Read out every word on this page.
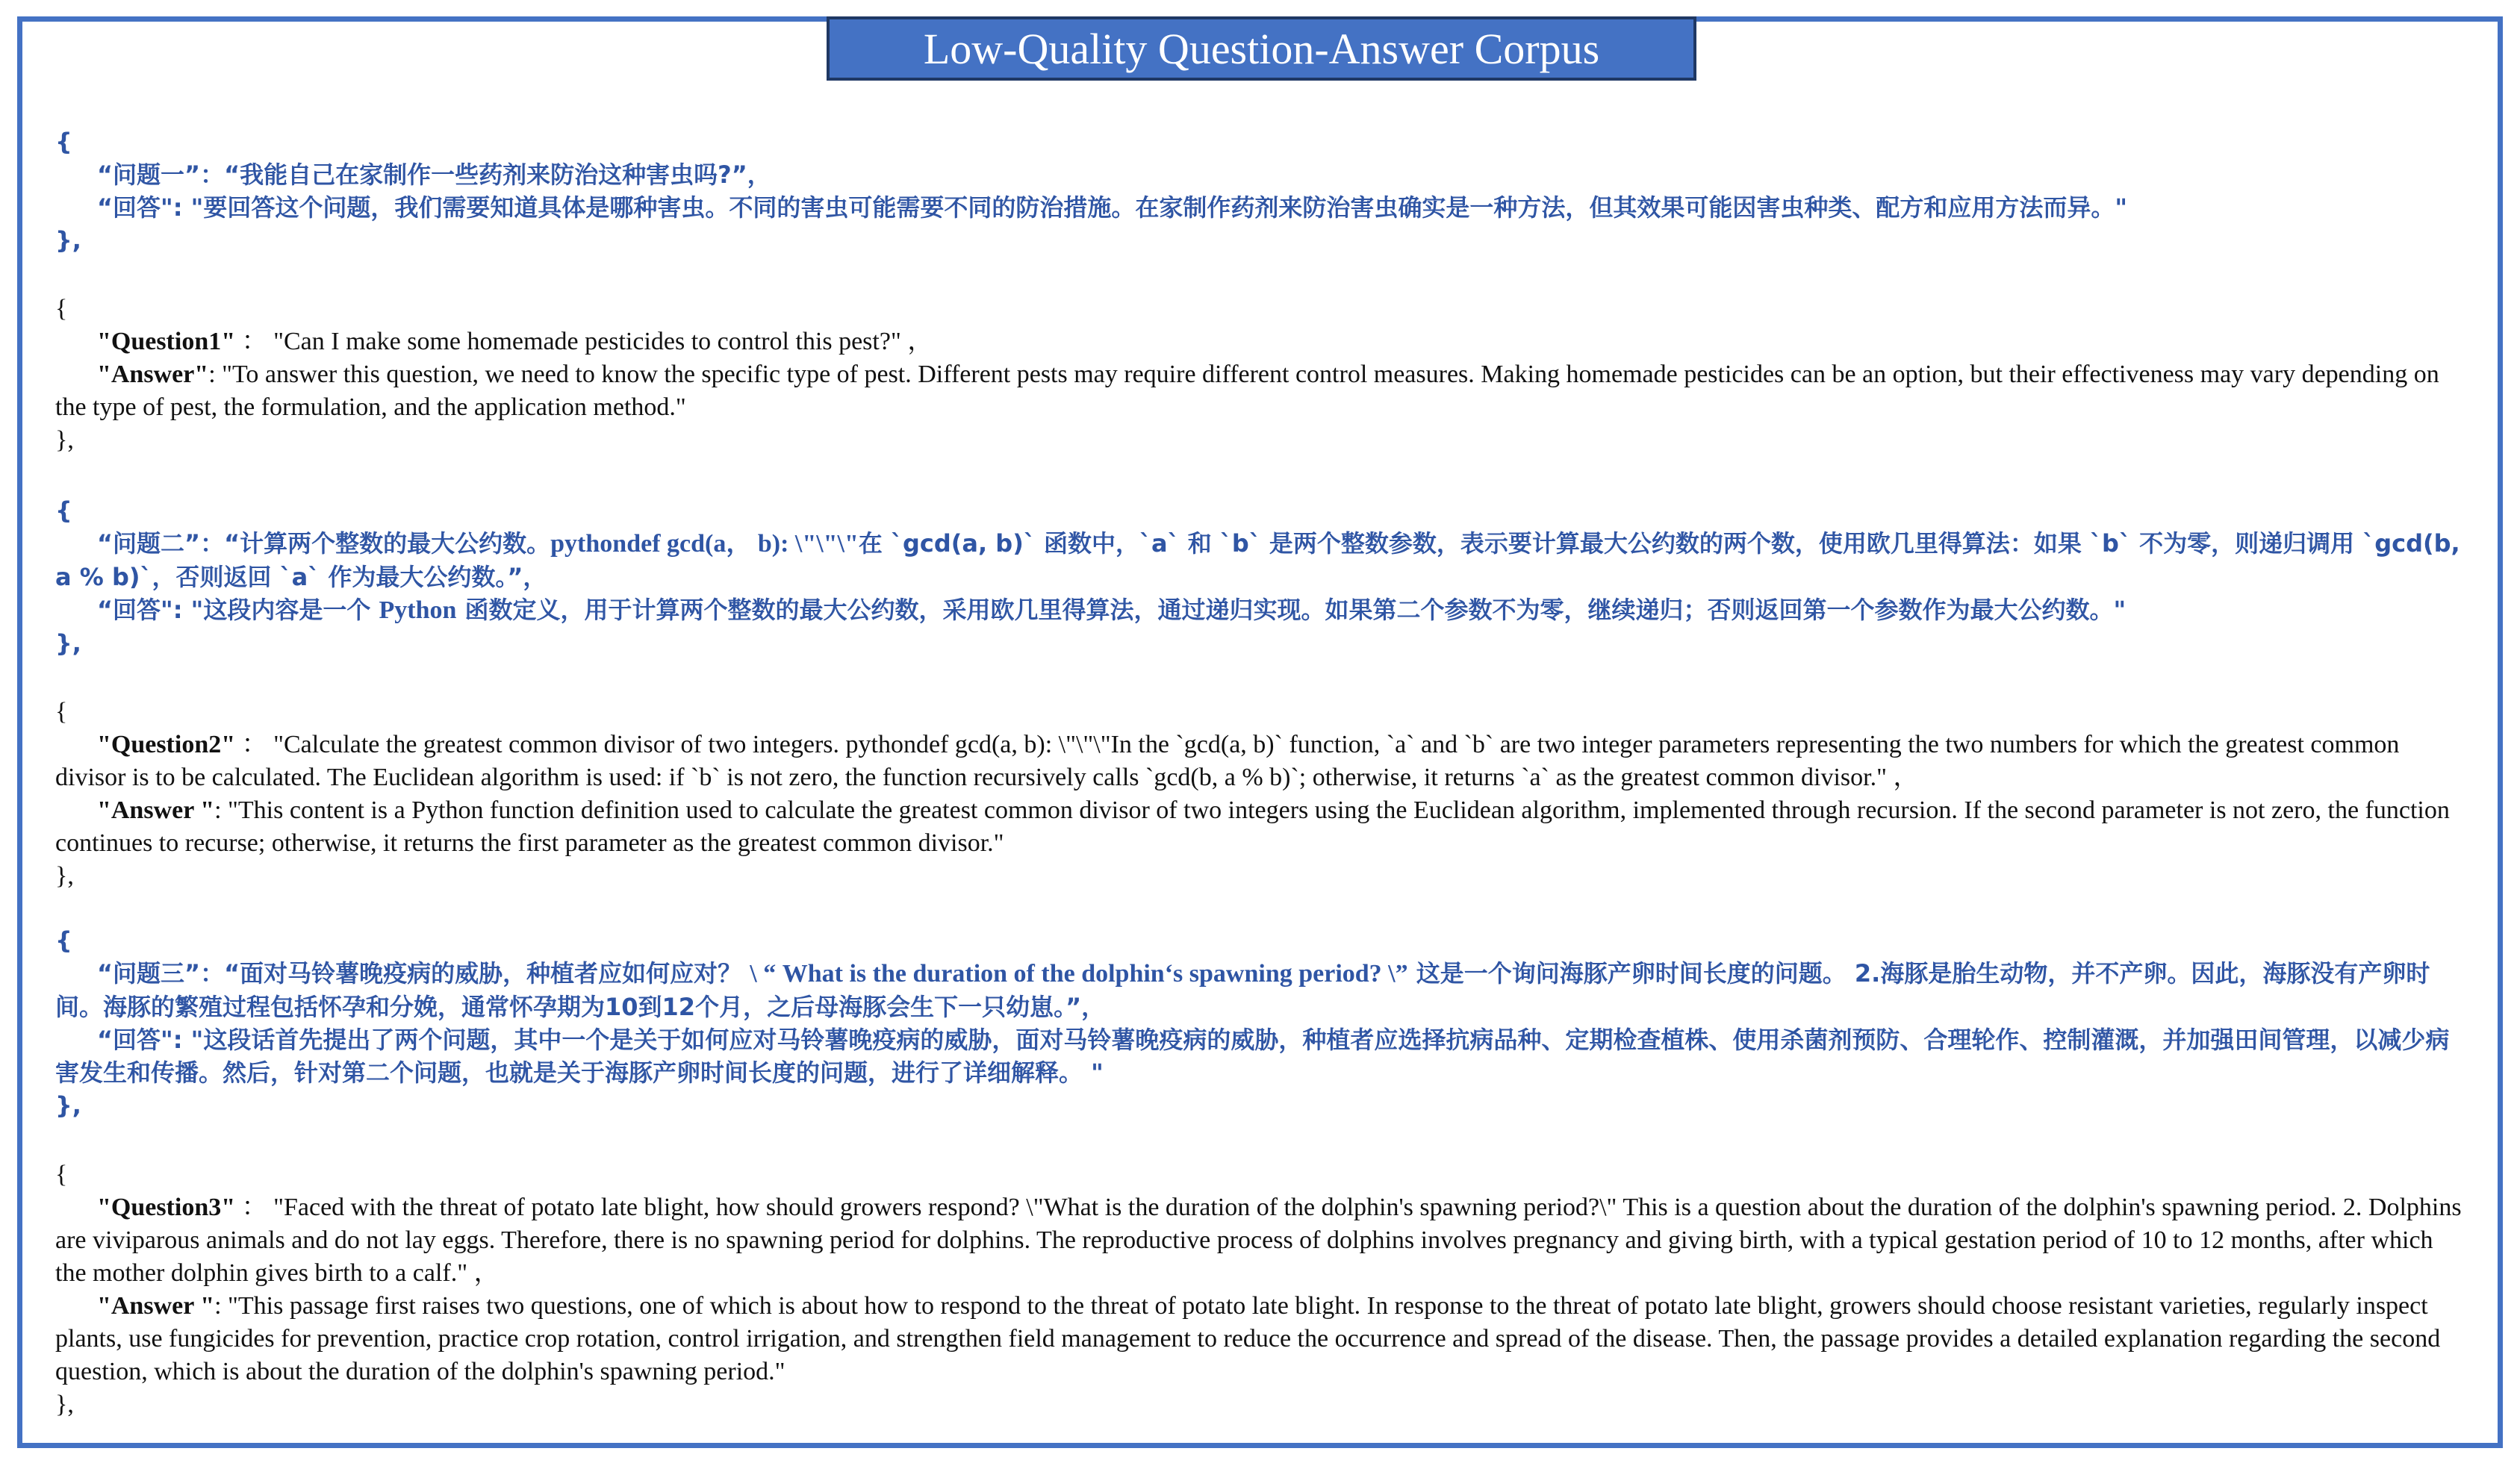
Low-Quality Question-Answer Corpus
{
“问题一”：“我能自己在家制作一些药剂来防治这种害虫吗?”，
“回答": "要回答这个问题，我们需要知道具体是哪种害虫。不同的害虫可能需要不同的防治措施。在家制作药剂来防治害虫确实是一种方法，但其效果可能因害虫种类、配方和应用方法而异。"
},
{
"Question1" ： "Can I make some homemade pesticides to control this pest?" ，
"Answer": "To answer this question, we need to know the specific type of pest. Different pests may require different control measures. Making homemade pesticides can be an option, but their effectiveness may vary depending on the type of pest, the formulation, and the application method."
},
{
“问题二”：“计算两个整数的最大公约数。pythondef gcd(a， b): \"\"\"在 `gcd(a, b)` 函数中，`a` 和 `b` 是两个整数参数，表示要计算最大公约数的两个数，使用欧几里得算法：如果 `b` 不为零，则递归调用 `gcd(b, a % b)`，否则返回 `a` 作为最大公约数。”，
“回答": "这段内容是一个 Python 函数定义，用于计算两个整数的最大公约数，采用欧几里得算法，通过递归实现。如果第二个参数不为零，继续递归；否则返回第一个参数作为最大公约数。"
},
{
"Question2" ： "Calculate the greatest common divisor of two integers. pythondef gcd(a, b): \"\"\"In the `gcd(a, b)` function, `a` and `b` are two integer parameters representing the two numbers for which the greatest common divisor is to be calculated. The Euclidean algorithm is used: if `b` is not zero, the function recursively calls `gcd(b, a % b)`; otherwise, it returns `a` as the greatest common divisor." ，
"Answer ": "This content is a Python function definition used to calculate the greatest common divisor of two integers using the Euclidean algorithm, implemented through recursion. If the second parameter is not zero, the function continues to recurse; otherwise, it returns the first parameter as the greatest common divisor."
},
{
“问题三”：“面对马铃薯晚疫病的威胁，种植者应如何应对？ \ “ What is the duration of the dolphin‘s spawning period? \” 这是一个询问海豚产卵时间长度的问题。 2.海豚是胎生动物，并不产卵。因此，海豚没有产卵时间。海豚的繁殖过程包括怀孕和分娩，通常怀孕期为10到12个月，之后母海豚会生下一只幼崽。”，
“回答": "这段话首先提出了两个问题，其中一个是关于如何应对马铃薯晚疫病的威胁，面对马铃薯晚疫病的威胁，种植者应选择抗病品种、定期检查植株、使用杀菌剂预防、合理轮作、控制灌溉，并加强田间管理，以减少病害发生和传播。然后，针对第二个问题，也就是关于海豚产卵时间长度的问题，进行了详细解释。 "
},
{
"Question3" ： "Faced with the threat of potato late blight, how should growers respond? \"What is the duration of the dolphin's spawning period?\" This is a question about the duration of the dolphin's spawning period. 2. Dolphins are viviparous animals and do not lay eggs. Therefore, there is no spawning period for dolphins. The reproductive process of dolphins involves pregnancy and giving birth, with a typical gestation period of 10 to 12 months, after which the mother dolphin gives birth to a calf." ，
"Answer ": "This passage first raises two questions, one of which is about how to respond to the threat of potato late blight. In response to the threat of potato late blight, growers should choose resistant varieties, regularly inspect plants, use fungicides for prevention, practice crop rotation, control irrigation, and strengthen field management to reduce the occurrence and spread of the disease. Then, the passage provides a detailed explanation regarding the second question, which is about the duration of the dolphin's spawning period."
},
